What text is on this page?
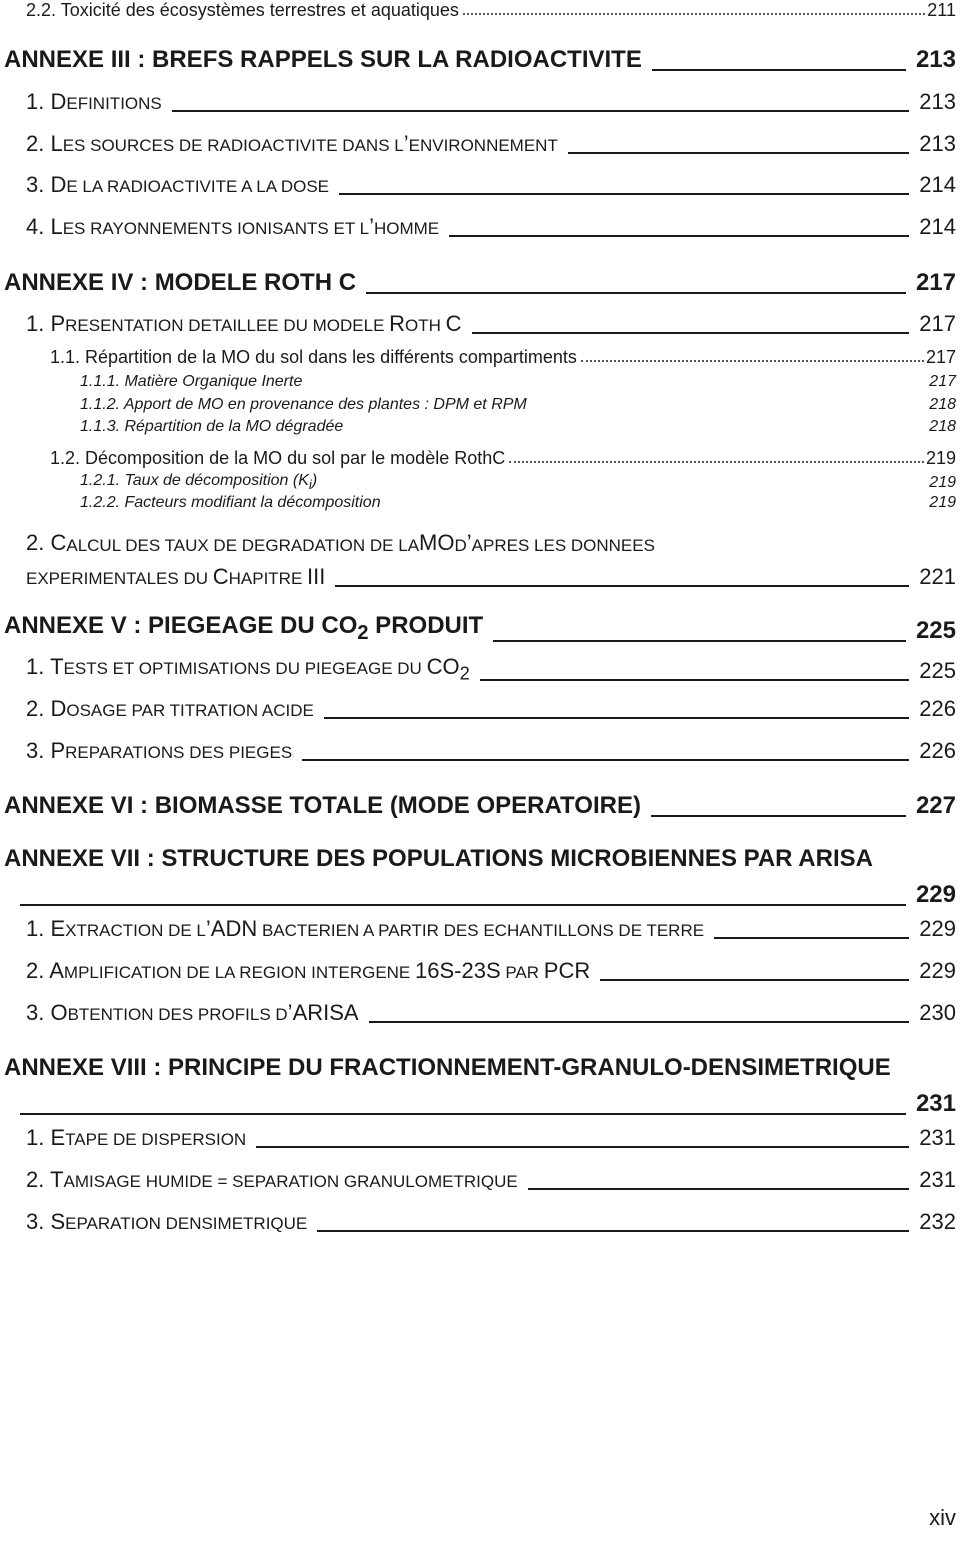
2.2. Toxicité des écosystèmes terrestres et aquatiques	211
ANNEXE III : BREFS RAPPELS SUR LA RADIOACTIVITE	213
1. DEFINITIONS	213
2. LES SOURCES DE RADIOACTIVITE DANS L’ENVIRONNEMENT	213
3. DE LA RADIOACTIVITE A LA DOSE	214
4. LES RAYONNEMENTS IONISANTS ET L’HOMME	214
ANNEXE IV : MODELE ROTH C	217
1. PRESENTATION DETAILLEE DU MODELE ROTH C	217
1.1. Répartition de la MO du sol dans les différents compartiments	217
1.1.1. Matière Organique Inerte	217
1.1.2. Apport de MO en provenance des plantes : DPM et RPM	218
1.1.3. Répartition de la MO dégradée	218
1.2. Décomposition de la MO du sol par le modèle RothC	219
1.2.1. Taux de décomposition $(K_i)$	219
1.2.2. Facteurs modifiant la décomposition	219
2. C ALCUL DES TAUX DE DEGRADATION DE LA MO D ’ APRES LES DONNEES
EXPERIMENTALES DU CHAPITRE III	221
ANNEXE V : PIEGEAGE DU $CO_2$ PRODUIT	225
1. TESTS ET OPTIMISATIONS DU PIEGEAGE DU $CO_2$	225
2. DOSAGE PAR TITRATION ACIDE	226
3. PREPARATIONS DES PIEGES	226
ANNEXE VI : BIOMASSE TOTALE (MODE OPERATOIRE)	227
ANNEXE VII : STRUCTURE DES POPULATIONS MICROBIENNES PAR ARISA
229
1. EXTRACTION DE L’ADN BACTERIEN A PARTIR DES ECHANTILLONS DE TERRE	229
2. AMPLIFICATION DE LA REGION INTERGENE 16S-23S PAR PCR	229
3. OBTENTION DES PROFILS D’ARISA	230
ANNEXE VIII : PRINCIPE DU FRACTIONNEMENT-GRANULO-DENSIMETRIQUE
231
1. ETAPE DE DISPERSION	231
2. TAMISAGE HUMIDE = SEPARATION GRANULOMETRIQUE	231
3. SEPARATION DENSIMETRIQUE	232
xiv
